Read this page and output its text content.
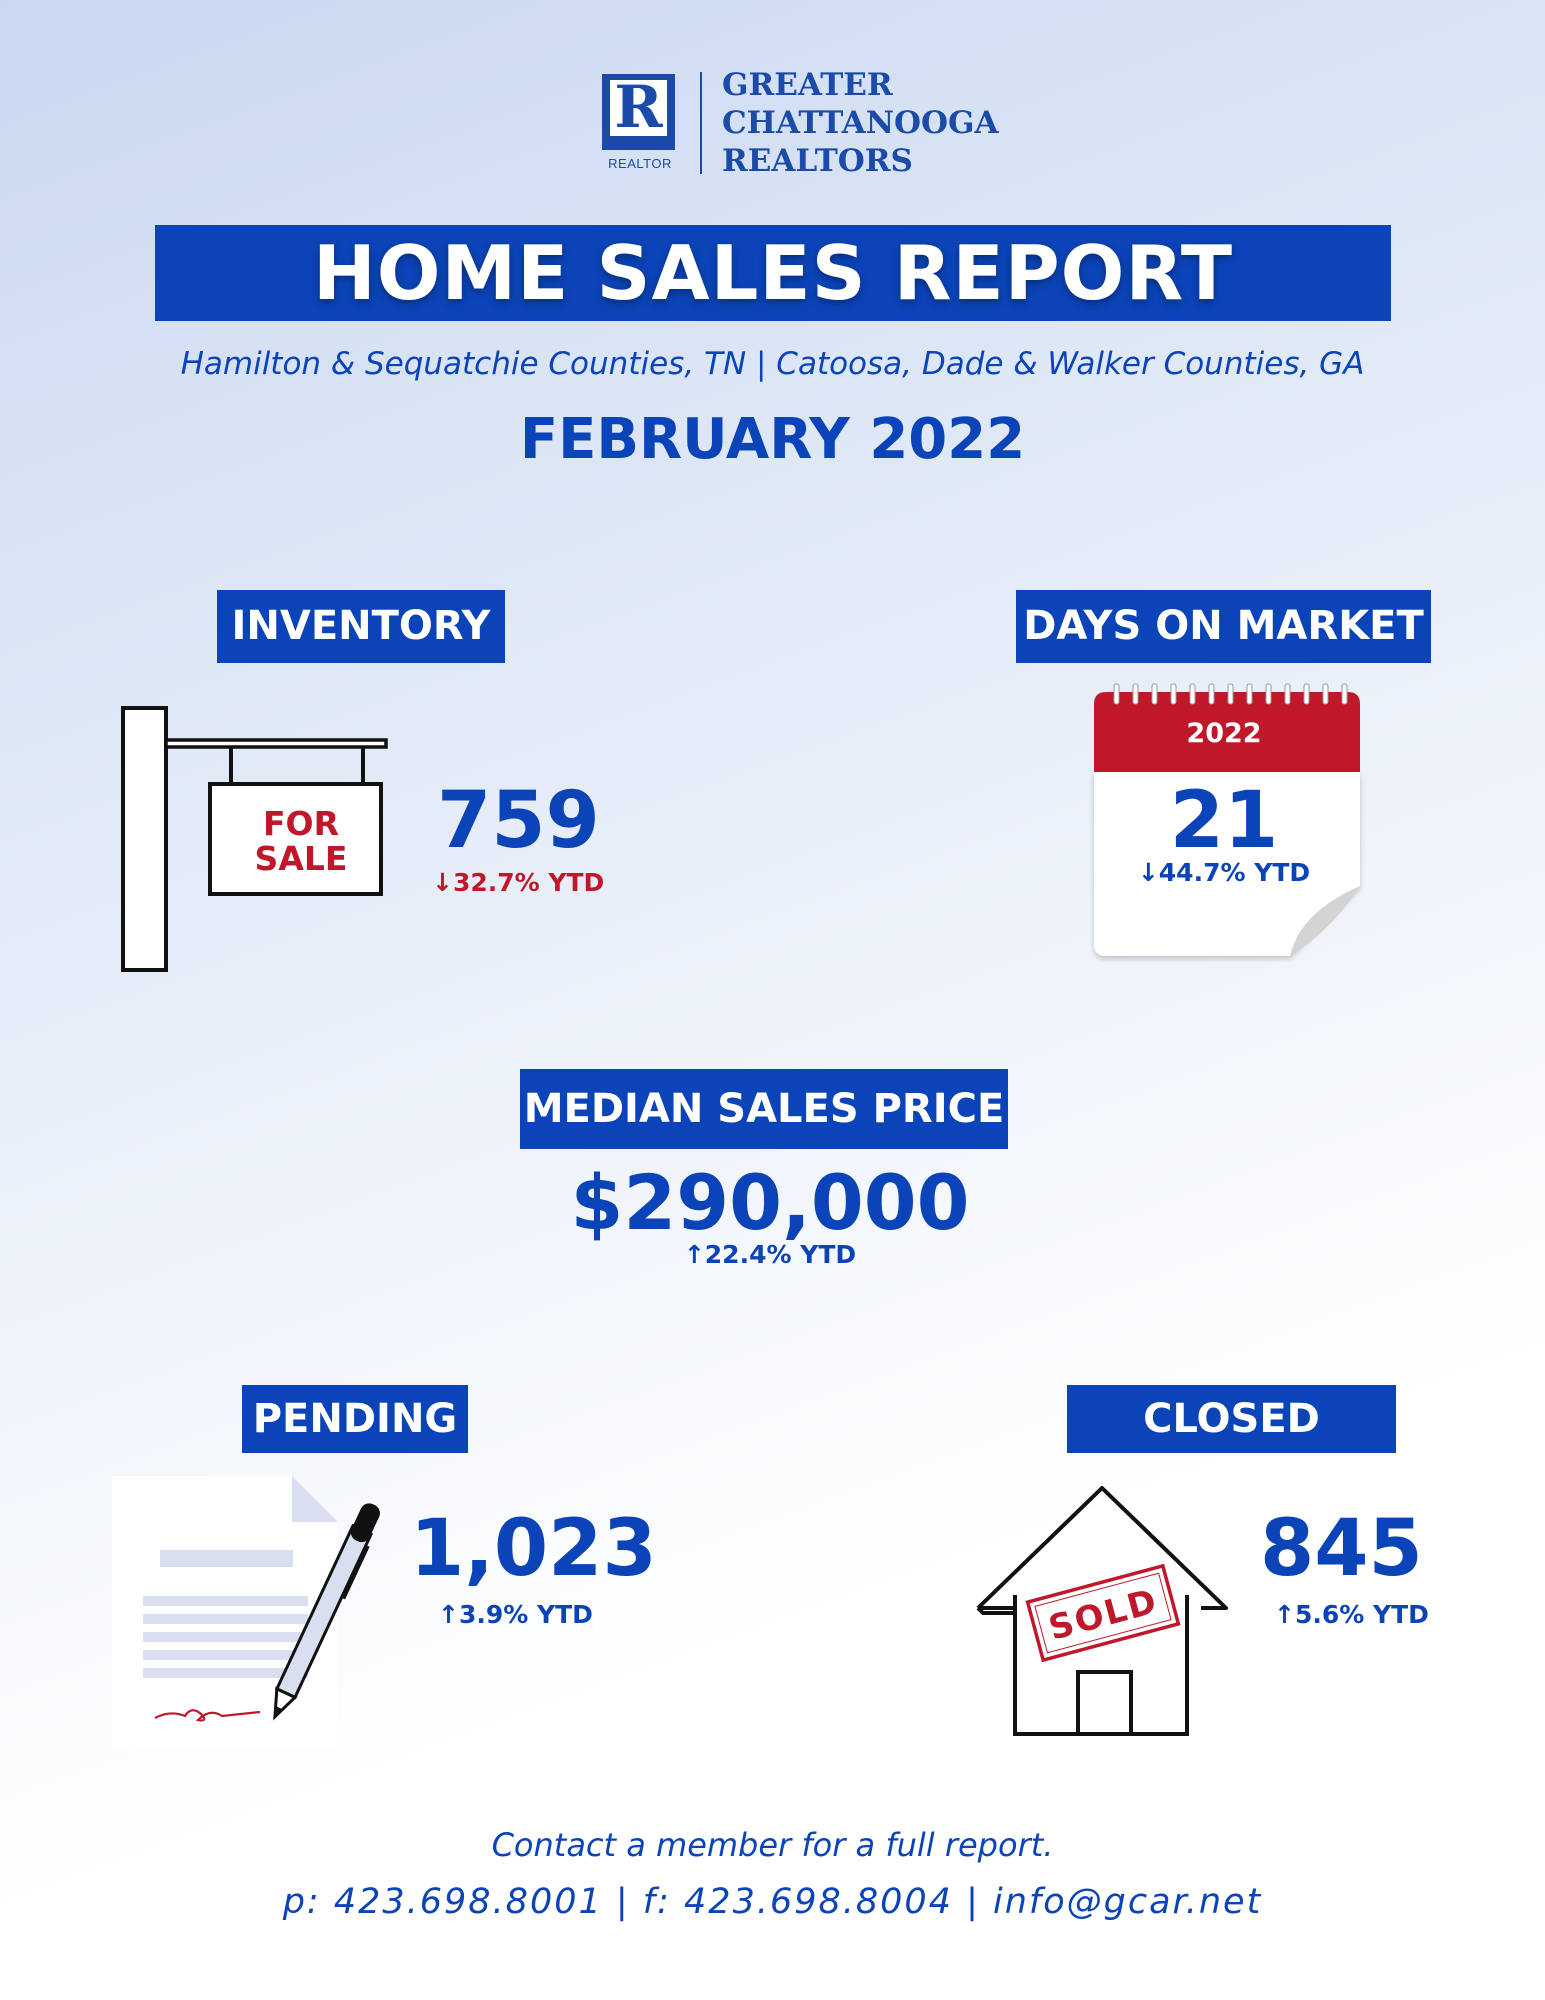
R
REALTOR
GREATER
CHATTANOOGA
REALTORS
HOME SALES REPORT
Hamilton & Sequatchie Counties, TN | Catoosa, Dade & Walker Counties, GA
FEBRUARY 2022
INVENTORY
FOR
SALE 759
↓32.7% YTD
DAYS ON MARKET
2022
21
↓44.7% YTD
MEDIAN SALES PRICE
$290,000
↑22.4% YTD
PENDING
1,023
↑3.9% YTD
CLOSED SALES
SOLD
845
↑5.6% YTD
Contact a member for a full report.
p: 423.698.8001 | f: 423.698.8004 | info@gcar.net
